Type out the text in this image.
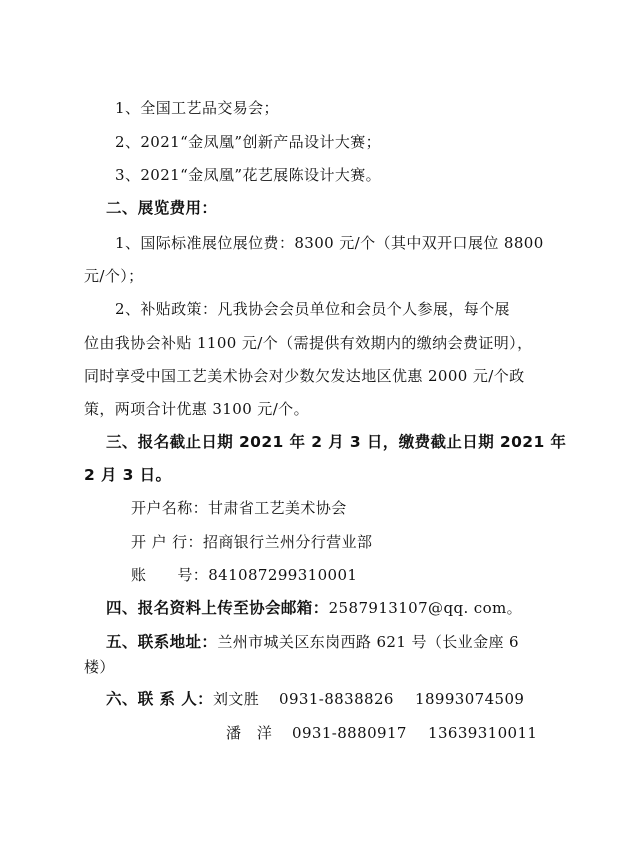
1、全国工艺品交易会；
2、2021“金凤凰”创新产品设计大赛；
3、2021“金凤凰”花艺展陈设计大赛。
二、展览费用：
1、国际标准展位展位费：8300 元/个（其中双开口展位 8800
元/个）；
2、补贴政策：凡我协会会员单位和会员个人参展，每个展
位由我协会补贴 1100 元/个（需提供有效期内的缴纳会费证明），
同时享受中国工艺美术协会对少数欠发达地区优惠 2000 元/个政
策，两项合计优惠 3100 元/个。
三、报名截止日期 2021 年 2 月 3 日，缴费截止日期 2021 年
2 月 3 日。
开户名称：甘肃省工艺美术协会
开 户 行：招商银行兰州分行营业部
账      号：841087299310001
四、报名资料上传至协会邮箱：2587913107@qq. com。
五、联系地址：兰州市城关区东岗西路 621 号（长业金座 6
楼）
六、联 系 人：刘文胜 0931-8838826 18993074509
潘   洋 0931-8880917 13639310011
